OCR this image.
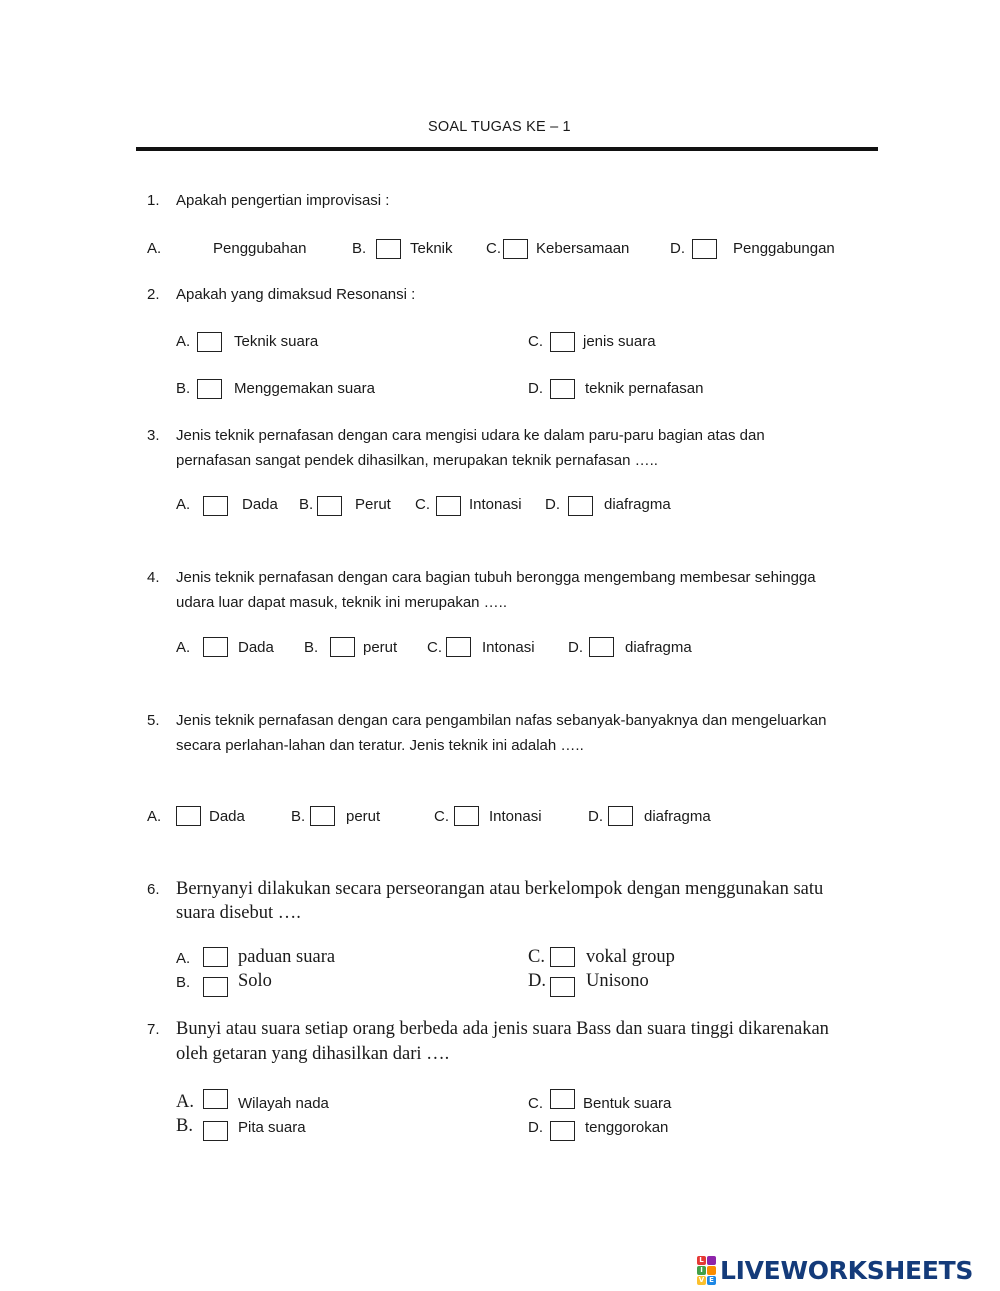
SOAL TUGAS KE – 1
1. Apakah pengertian improvisasi :
A.	Penggubahan	B.	Teknik C. Kebersamaan	D.	Penggabungan
2. Apakah yang dimaksud Resonansi :
A.	Teknik suara
B.	Menggemakan suara
C.	jenis suara
D.	teknik pernafasan
3. Jenis teknik pernafasan dengan cara mengisi udara ke dalam paru-paru bagian atas dan
pernafasan sangat pendek dihasilkan, merupakan teknik pernafasan …..
A.	Dada B.	Perut C.	Intonasi D.	diafragma
4. Jenis teknik pernafasan dengan cara bagian tubuh berongga mengembang membesar sehingga
udara luar dapat masuk, teknik ini merupakan …..
A.	Dada B.	perut C.	Intonasi D.	diafragma
5. Jenis teknik pernafasan dengan cara pengambilan nafas sebanyak-banyaknya dan mengeluarkan
secara perlahan-lahan dan teratur. Jenis teknik ini adalah …..
A.	Dada	B.	perut	C.	Intonasi	D.	diafragma
6. Bernyanyi dilakukan secara perseorangan atau berkelompok dengan menggunakan satu
suara disebut ….
A.	paduan suara
B.	Solo
C. vokal group
D. Unisono
7. Bunyi atau suara setiap orang berbeda ada jenis suara Bass dan suara tinggi dikarenakan
oleh getaran yang dihasilkan dari ….
A.	Wilayah nada
B.	Pita suara
C.	Bentuk suara
D.	tenggorokan
L
I
V E LIVEWORKSHEETS
